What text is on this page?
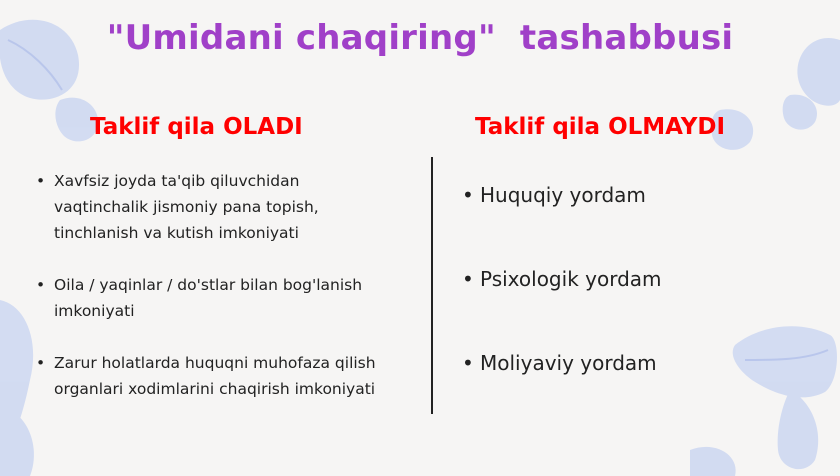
"Umidani chaqiring"  tashabbusi
Taklif qila OLADI	Taklif qila OLMAYDI
• Xavfsiz joyda ta'qib qiluvchidan
vaqtinchalik jismoniy pana topish,
tinchlanish va kutish imkoniyati
• Oila / yaqinlar / do'stlar bilan bog'lanish
imkoniyati
• Zarur holatlarda huquqni muhofaza qilish
organlari xodimlarini chaqirish imkoniyati
• Huquqiy yordam
• Psixologik yordam
• Moliyaviy yordam
